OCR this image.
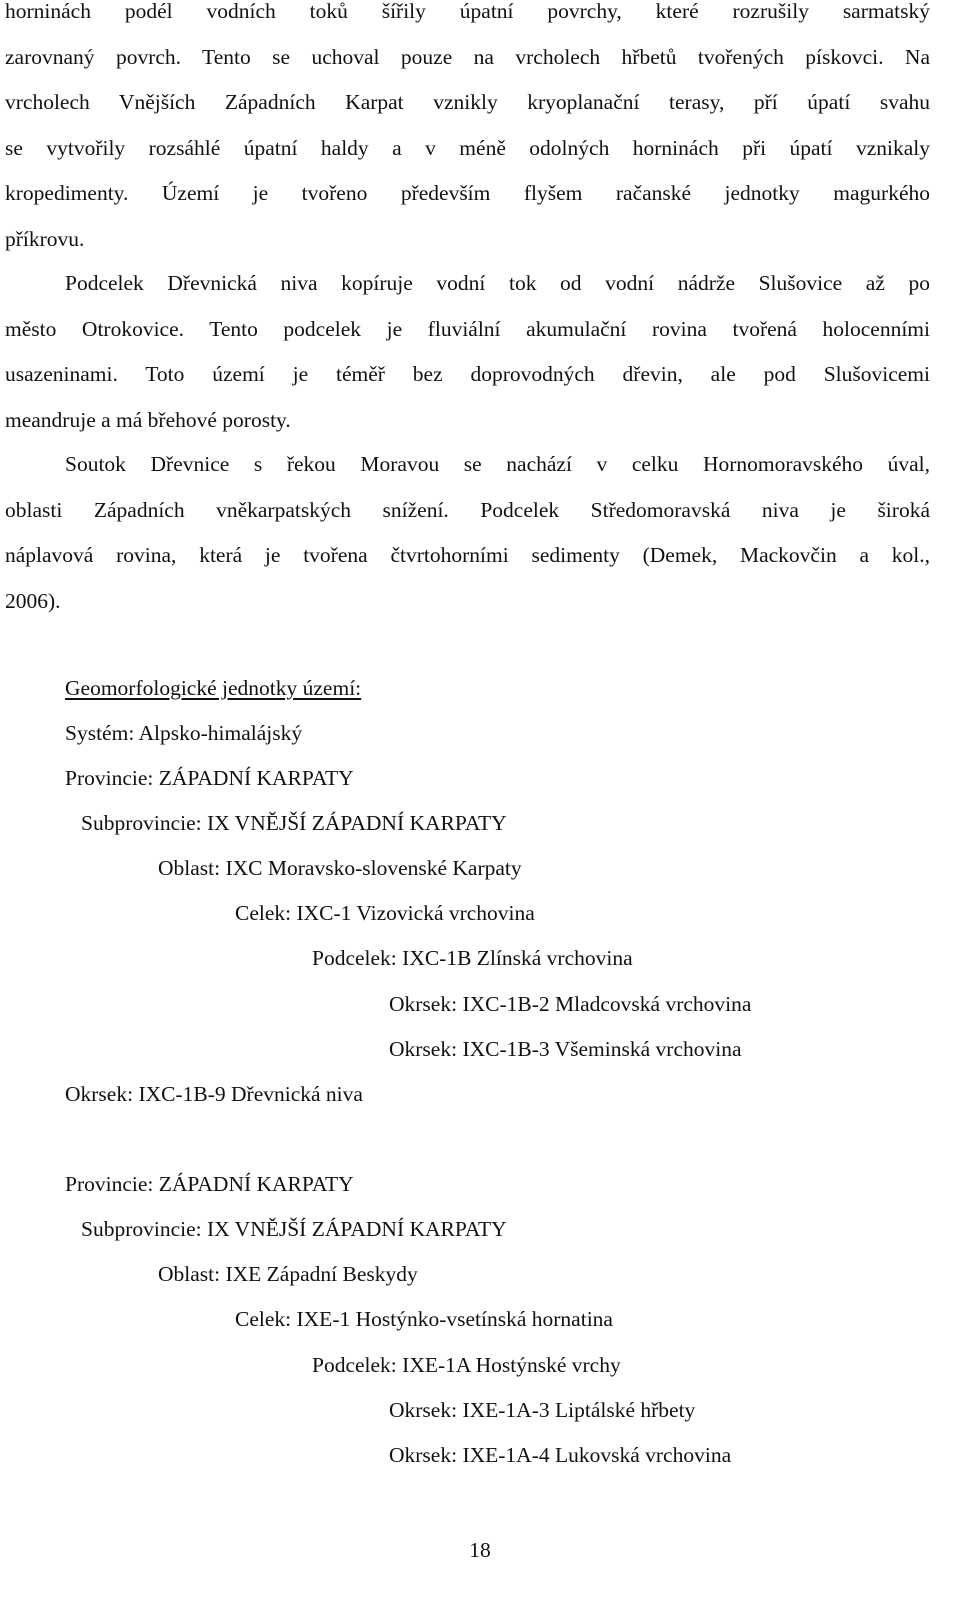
horninách podél vodních toků šířily úpatní povrchy, které rozrušily sarmatský
zarovnaný povrch. Tento se uchoval pouze na vrcholech hřbetů tvořených pískovci. Na
vrcholech Vnějších Západních Karpat vznikly kryoplanační terasy, pří úpatí svahu
se vytvořily rozsáhlé úpatní haldy a v méně odolných horninách při úpatí vznikaly
kropedimenty. Území je tvořeno především flyšem račanské jednotky magurkého
příkrovu.
Podcelek Dřevnická niva kopíruje vodní tok od vodní nádrže Slušovice až po
město Otrokovice. Tento podcelek je fluviální akumulační rovina tvořená holocenními
usazeninami. Toto území je téměř bez doprovodných dřevin, ale pod Slušovicemi
meandruje a má břehové porosty.
Soutok Dřevnice s řekou Moravou se nachází v celku Hornomoravského úval,
oblasti Západních vněkarpatských snížení. Podcelek Středomoravská niva je široká
náplavová rovina, která je tvořena čtvrtohorními sedimenty (Demek, Mackovčin a kol.,
2006).
Geomorfologické jednotky území:
Systém: Alpsko-himalájský
Provincie: ZÁPADNÍ KARPATY
Subprovincie: IX VNĚJŠÍ ZÁPADNÍ KARPATY
Oblast: IXC Moravsko-slovenské Karpaty
Celek: IXC-1 Vizovická vrchovina
Podcelek: IXC-1B Zlínská vrchovina
Okrsek: IXC-1B-2 Mladcovská vrchovina
Okrsek: IXC-1B-3 Všeminská vrchovina
Okrsek: IXC-1B-9 Dřevnická niva
Provincie: ZÁPADNÍ KARPATY
Subprovincie: IX VNĚJŠÍ ZÁPADNÍ KARPATY
Oblast: IXE Západní Beskydy
Celek: IXE-1 Hostýnko-vsetínská hornatina
Podcelek: IXE-1A Hostýnské vrchy
Okrsek: IXE-1A-3 Liptálské hřbety
Okrsek: IXE-1A-4 Lukovská vrchovina
18
